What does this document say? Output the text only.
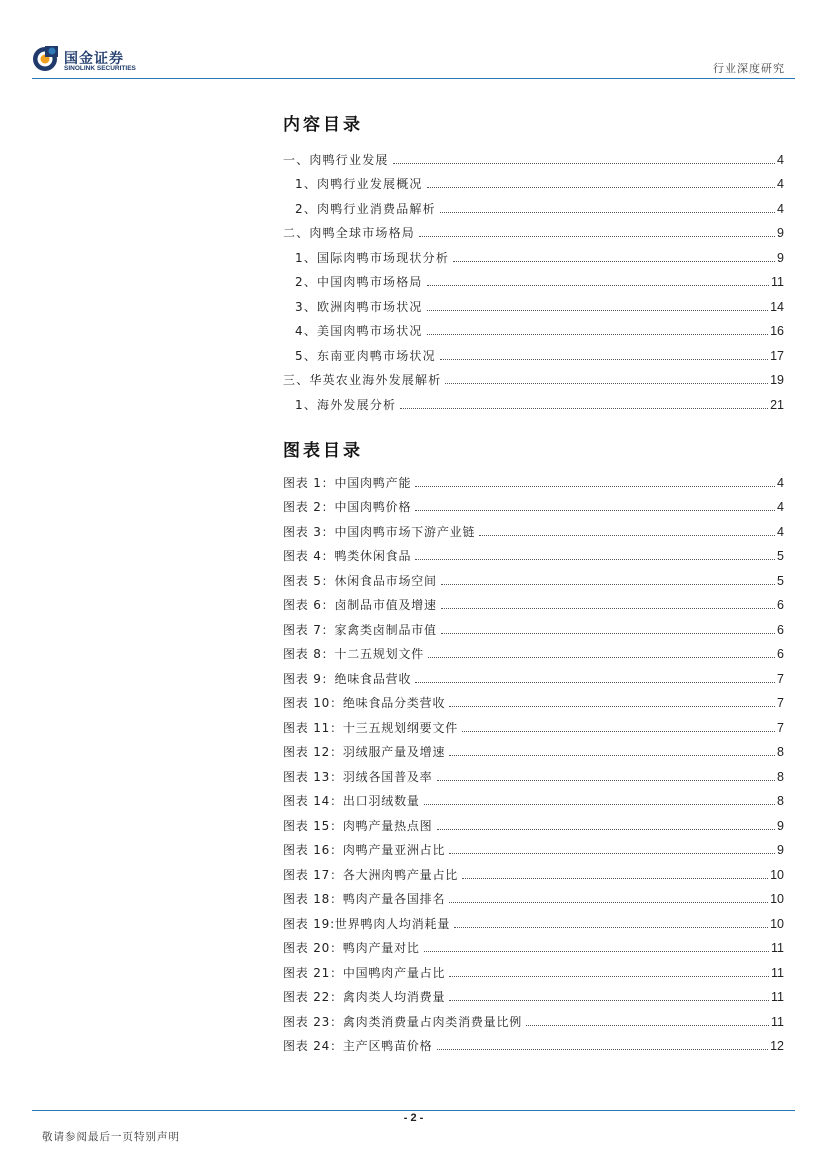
国金证券
SINOLINK SECURITIES	行业深度研究
内容目录
一、肉鸭行业发展	4
1、肉鸭行业发展概况	4
2、肉鸭行业消费品解析	4
二、肉鸭全球市场格局	9
1、国际肉鸭市场现状分析	9
2、中国肉鸭市场格局	11
3、欧洲肉鸭市场状况	14
4、美国肉鸭市场状况	16
5、东南亚肉鸭市场状况	17
三、华英农业海外发展解析	19
1、海外发展分析	21
图表目录
图表 1：中国肉鸭产能	4
图表 2：中国肉鸭价格	4
图表 3：中国肉鸭市场下游产业链	4
图表 4：鸭类休闲食品	5
图表 5：休闲食品市场空间	5
图表 6：卤制品市值及增速	6
图表 7：家禽类卤制品市值	6
图表 8：十二五规划文件	6
图表 9：绝味食品营收	7
图表 10：绝味食品分类营收	7
图表 11：十三五规划纲要文件	7
图表 12：羽绒服产量及增速	8
图表 13：羽绒各国普及率	8
图表 14：出口羽绒数量	8
图表 15：肉鸭产量热点图	9
图表 16：肉鸭产量亚洲占比	9
图表 17：各大洲肉鸭产量占比	10
图表 18：鸭肉产量各国排名	10
图表 19:世界鸭肉人均消耗量	10
图表 20：鸭肉产量对比	11
图表 21：中国鸭肉产量占比	11
图表 22：禽肉类人均消费量	11
图表 23：禽肉类消费量占肉类消费量比例	11
图表 24：主产区鸭苗价格	12
- 2 -
敬请参阅最后一页特别声明
